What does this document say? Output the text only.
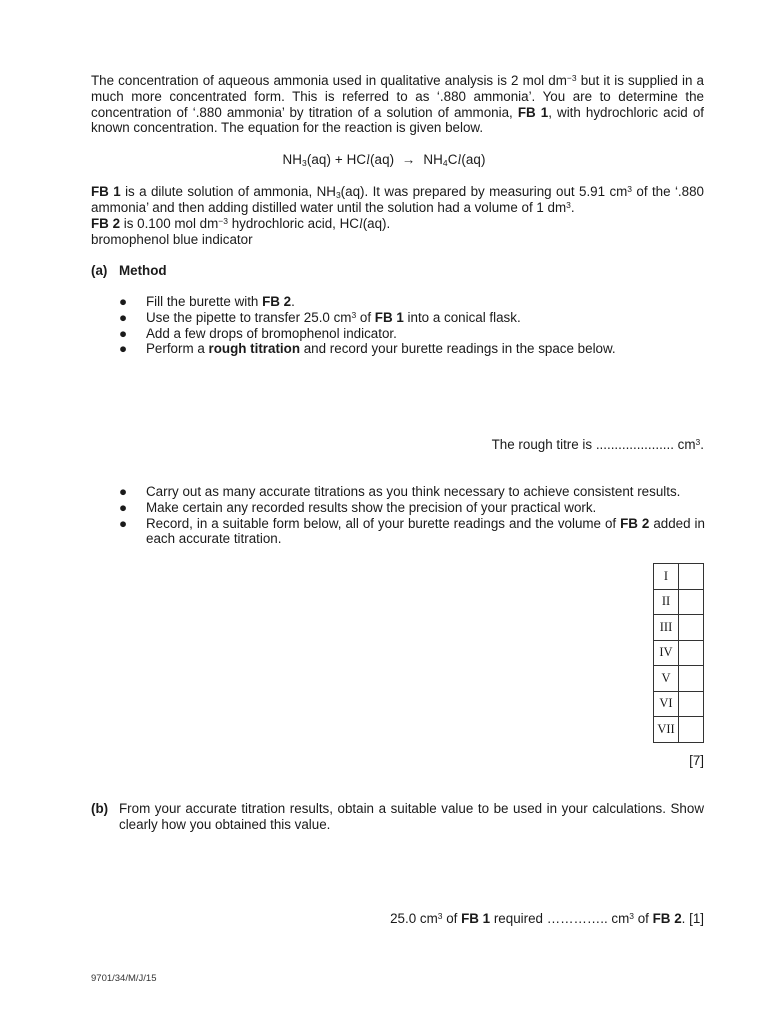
The concentration of aqueous ammonia used in qualitative analysis is 2 mol $dm^{-3}$ but it is supplied in a much more concentrated form. This is referred to as ‘.880 ammonia’. You are to determine the concentration of ‘.880 ammonia’ by titration of a solution of ammonia, FB 1, with hydrochloric acid of known concentration. The equation for the reaction is given below.
$NH_3(aq) + HCl(aq) \to NH_4Cl(aq)$
FB 1 is a dilute solution of ammonia, $NH_3(aq)$. It was prepared by measuring out 5.91 $cm^3$ of the ‘.880 ammonia’ and then adding distilled water until the solution had a volume of 1 $dm^3$.
FB 2 is 0.100 mol $dm^{-3}$ hydrochloric acid, HCl(aq).
bromophenol blue indicator
(a) Method
● Fill the burette with FB 2.
● Use the pipette to transfer 25.0 $cm^3$ of FB 1 into a conical flask.
● Add a few drops of bromophenol indicator.
● Perform a rough titration and record your burette readings in the space below.
The rough titre is ..................... $cm^3$.
● Carry out as many accurate titrations as you think necessary to achieve consistent results.
● Make certain any recorded results show the precision of your practical work.
● Record, in a suitable form below, all of your burette readings and the volume of FB 2 added in each accurate titration.
I	
II	
III	
IV	
V	
VI	
VII	
[7]
(b) From your accurate titration results, obtain a suitable value to be used in your calculations. Show clearly how you obtained this value.
25.0 $cm^3$ of FB 1 required ………….. $cm^3$ of FB 2. [1]
9701/34/M/J/15
